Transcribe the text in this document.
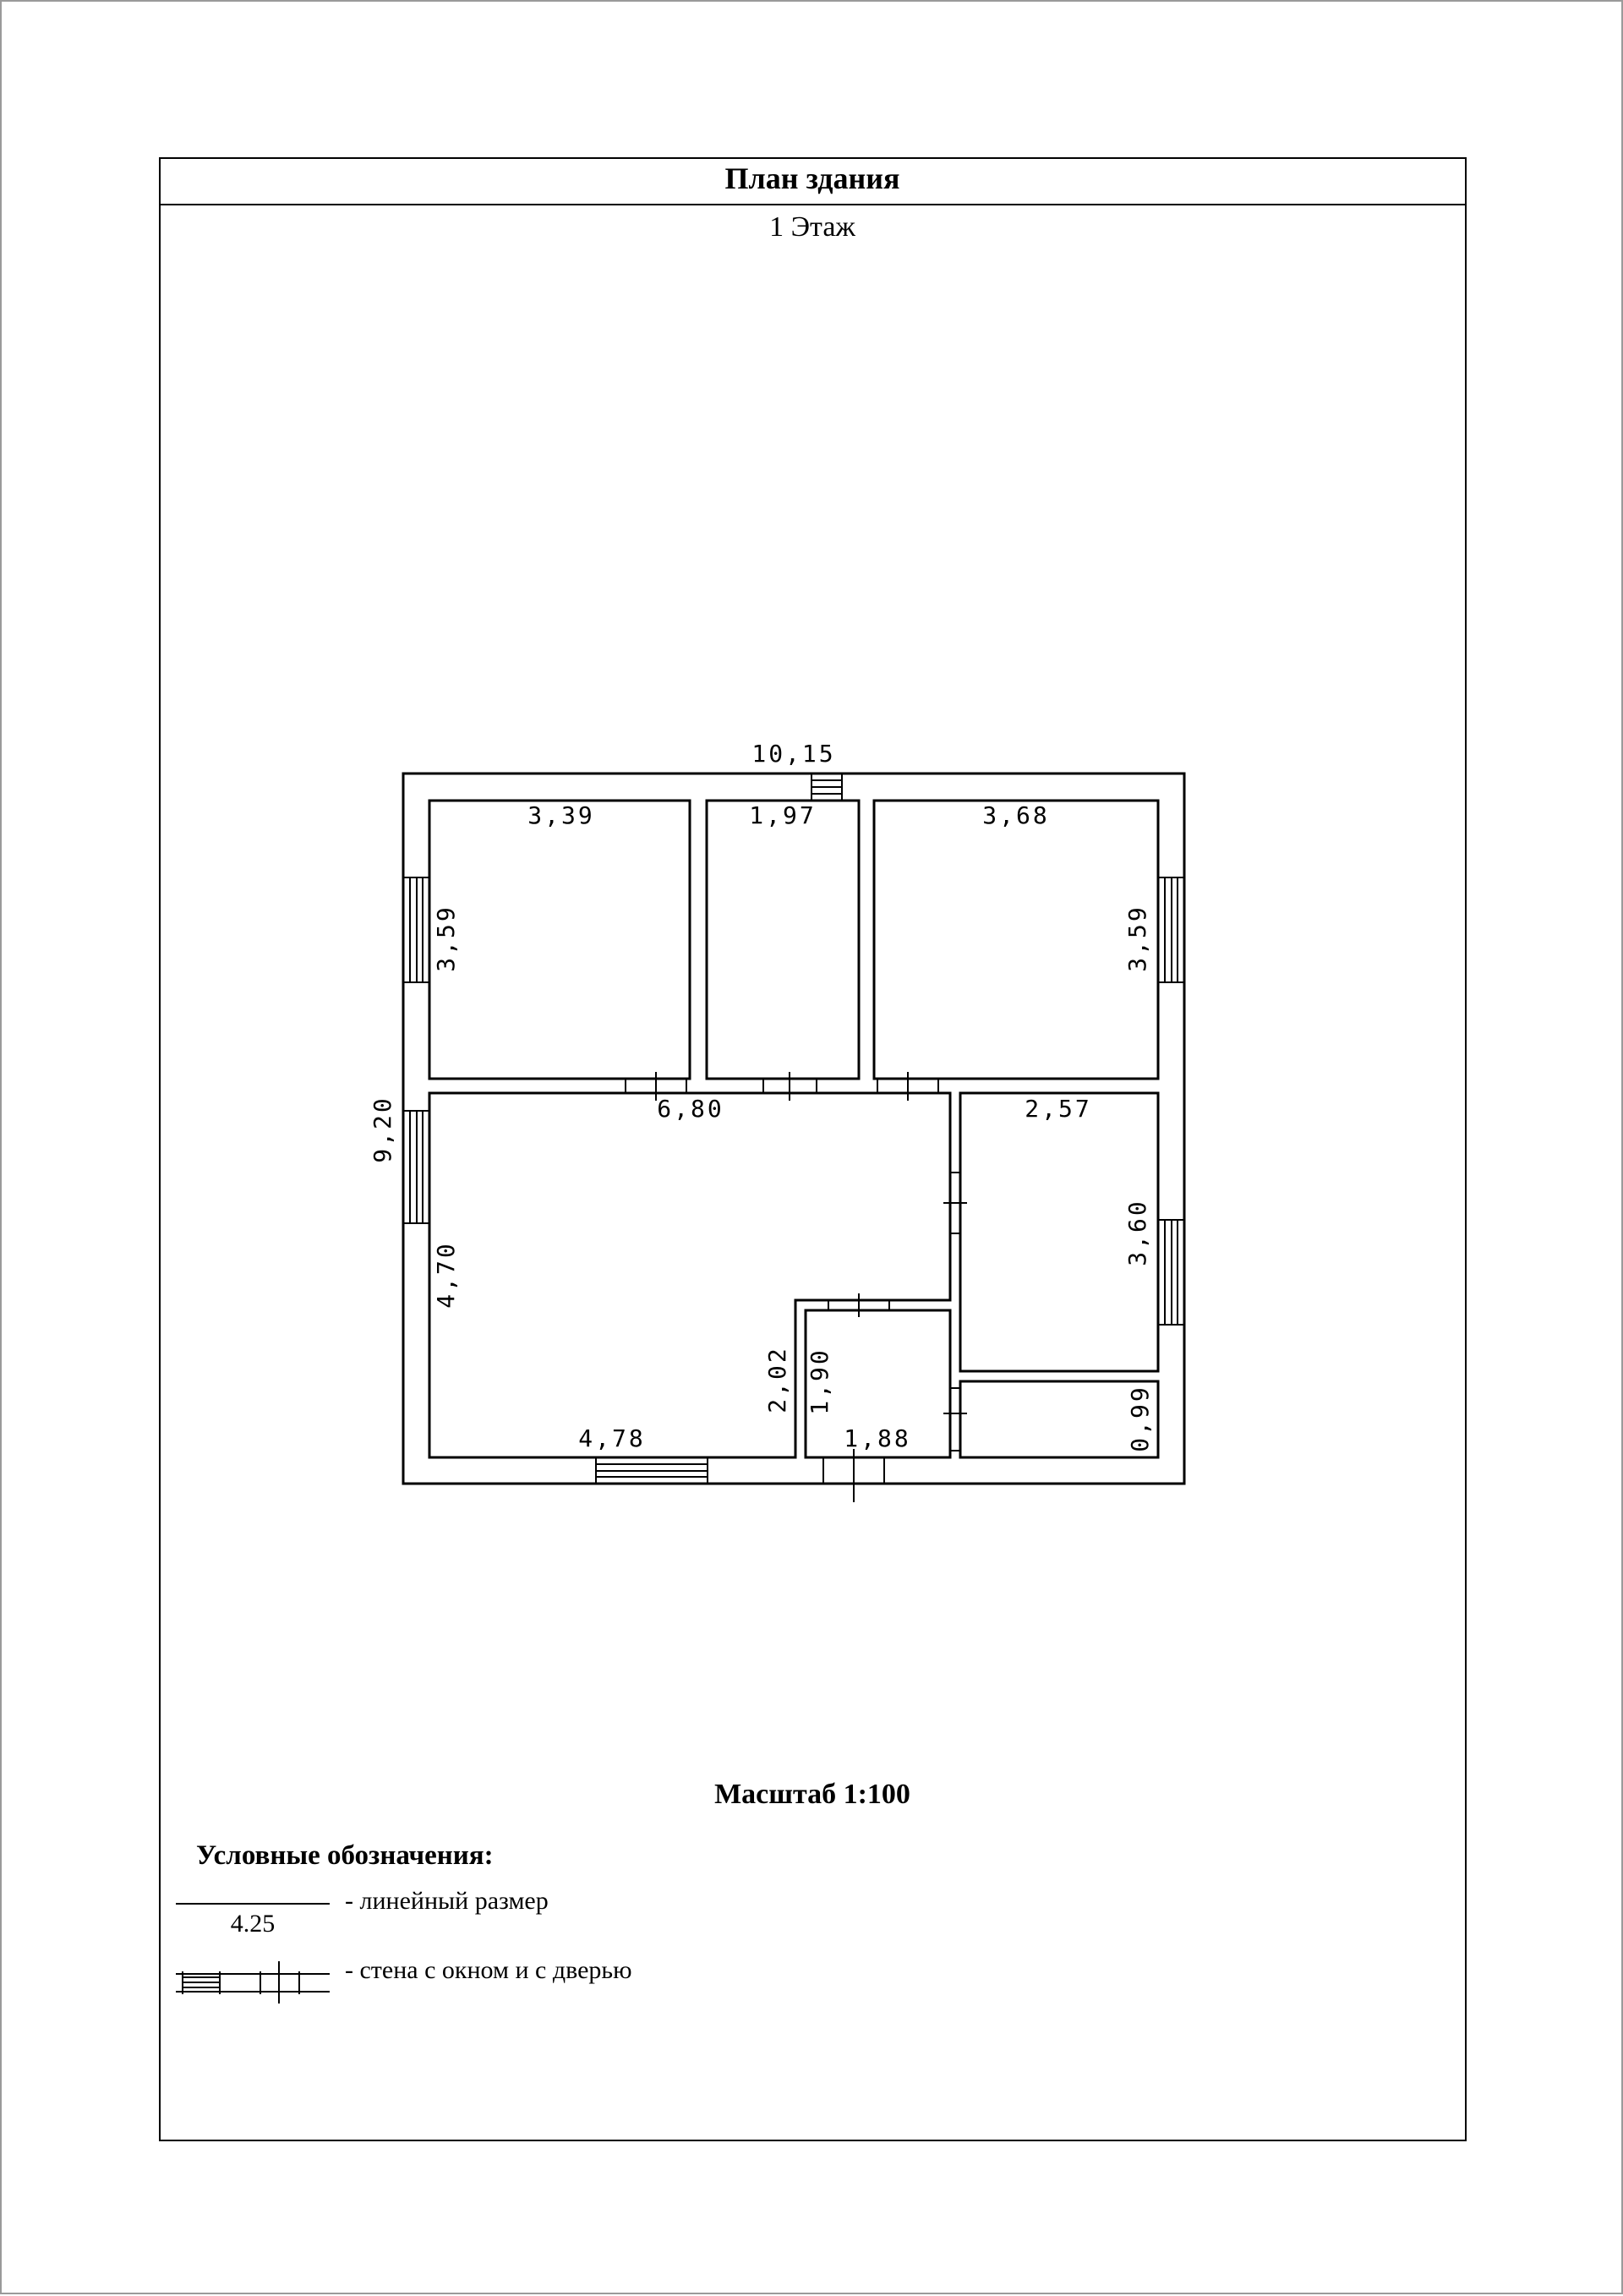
План здания
1 Этаж
10,15
3,39	1,97	3,68
6,80	2,57
4,78	1,88
9,20
3,59	3,59
4,70
3,60
2,02 1,90
0,99
Масштаб 1:100
Условные обозначения:
4.25
- линейный размер
- стена с окном и с дверью
